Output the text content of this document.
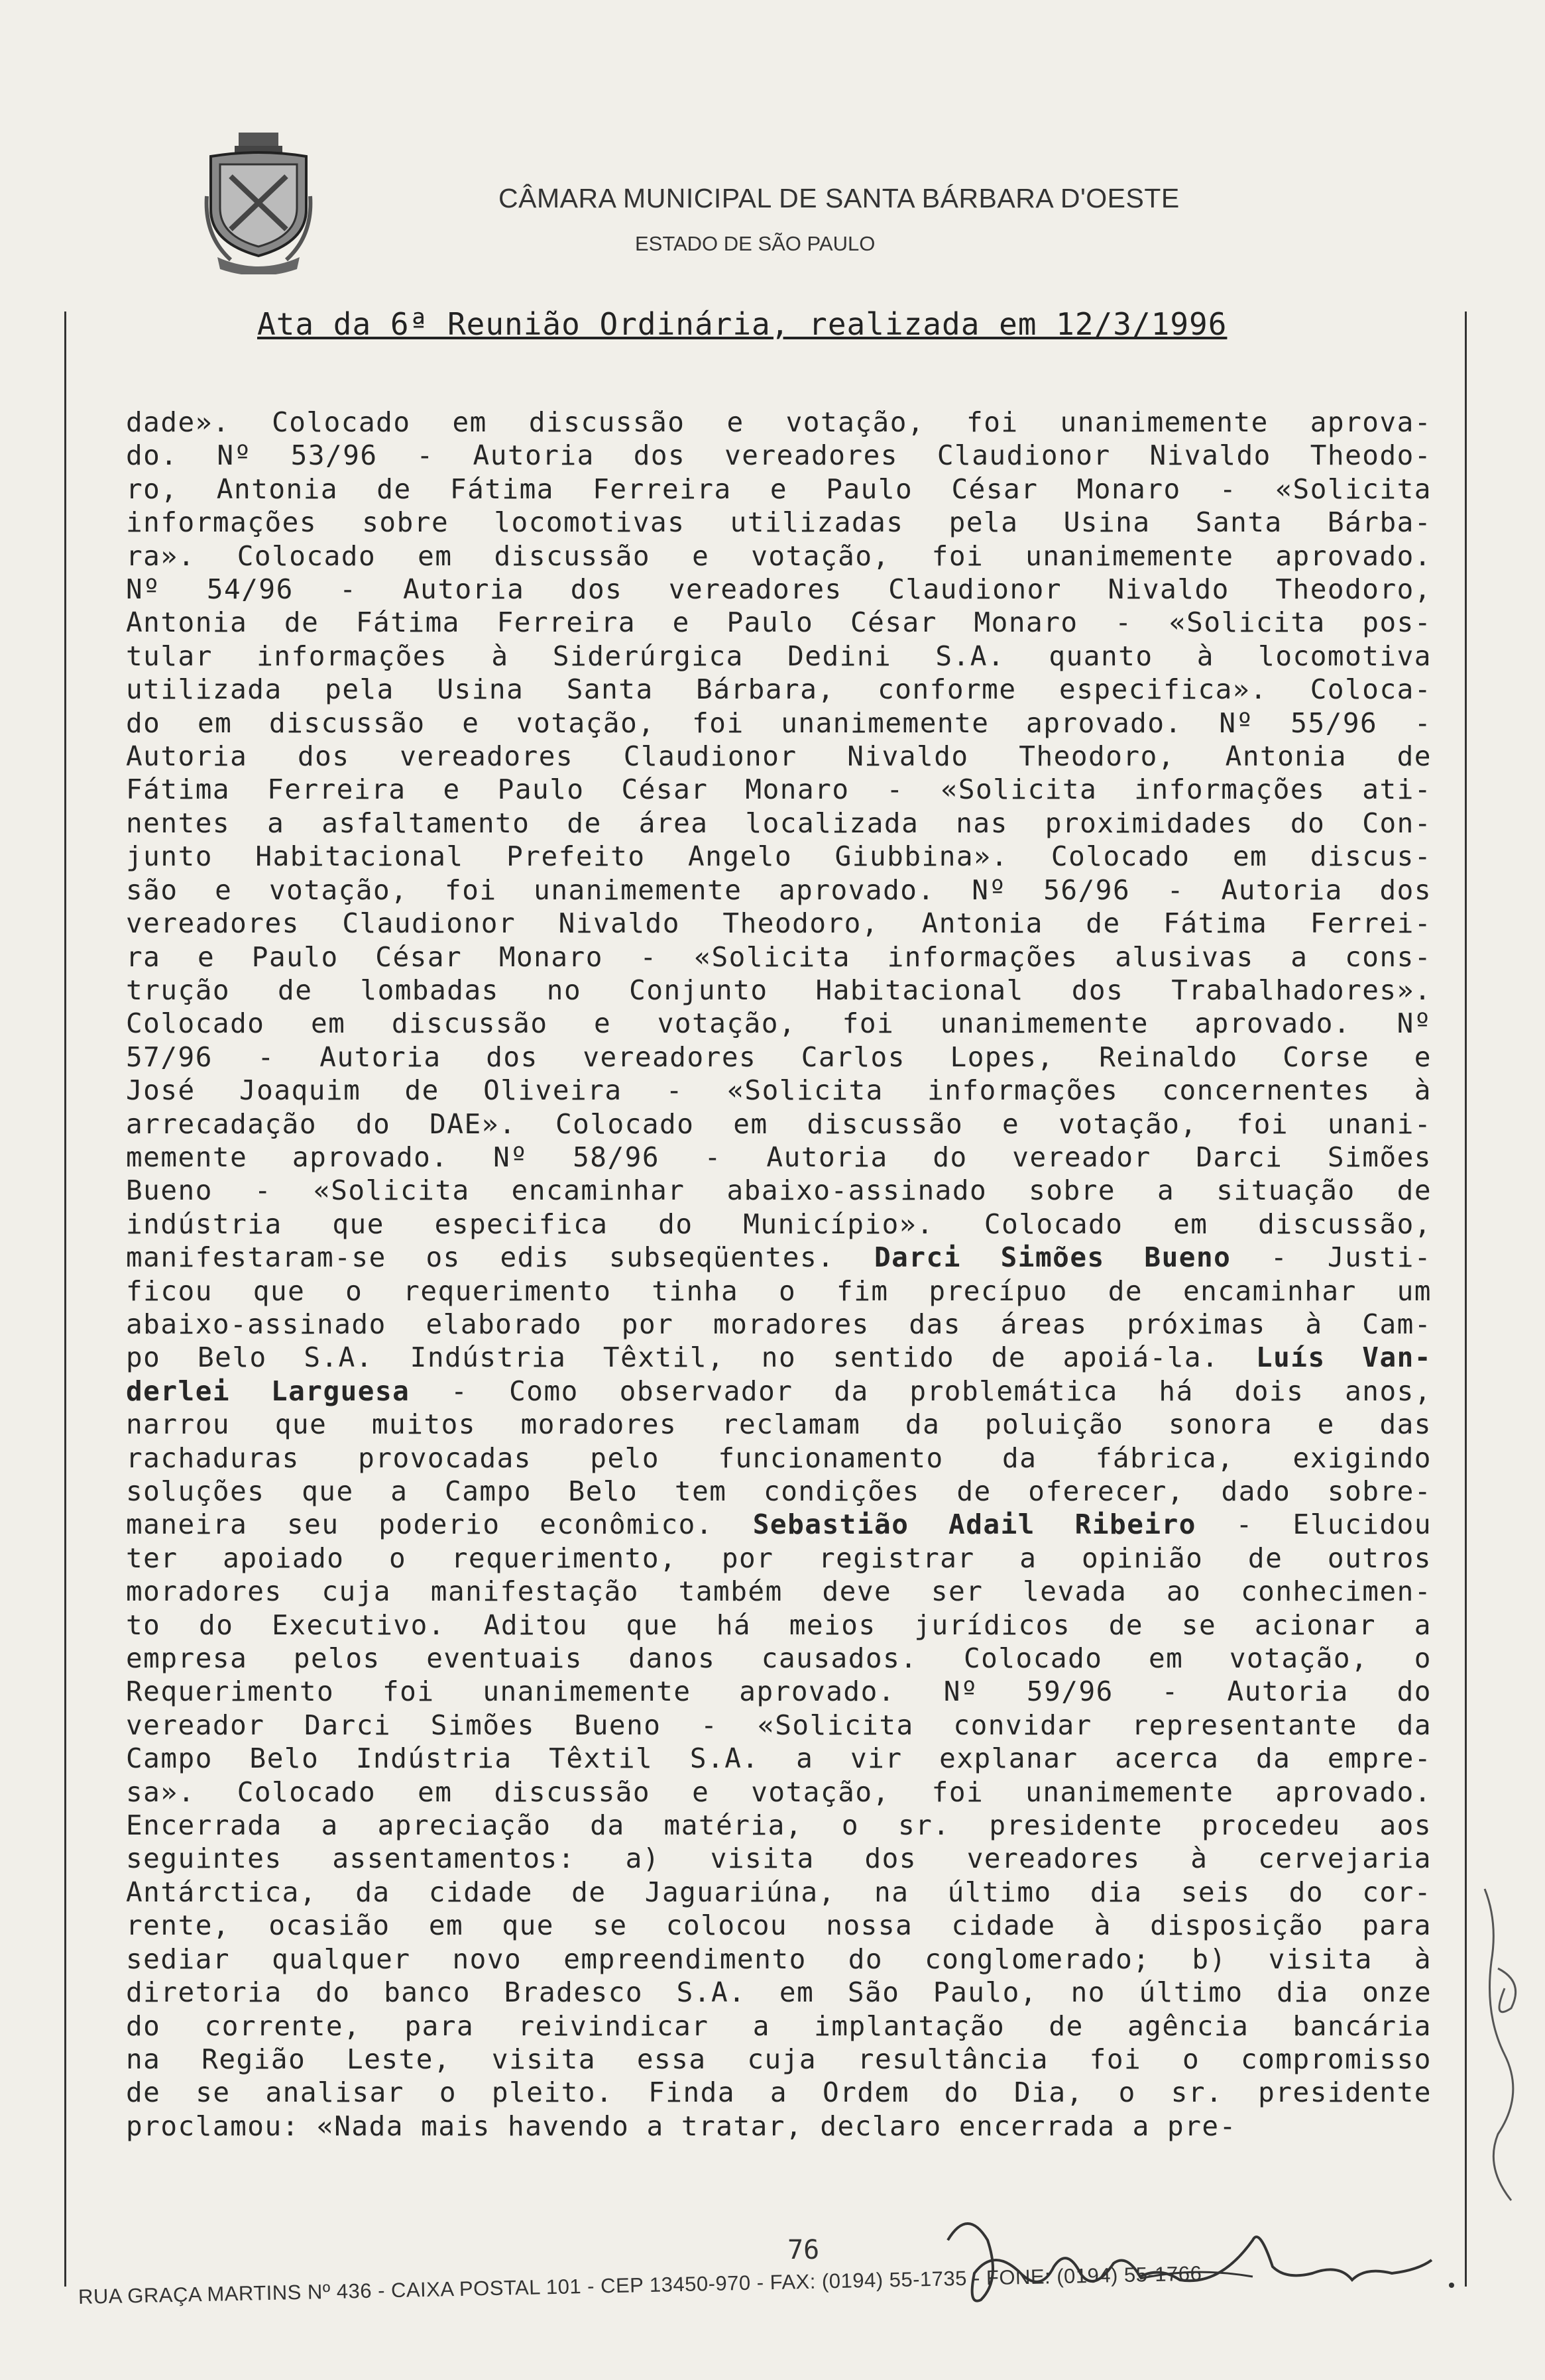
CÂMARA MUNICIPAL DE SANTA BÁRBARA D'OESTE
ESTADO DE SÃO PAULO
Ata da 6ª Reunião Ordinária, realizada em 12/3/1996
dade». Colocado em discussão e votação, foi unanimemente aprova-
do. Nº 53/96 - Autoria dos vereadores Claudionor Nivaldo Theodo-
ro, Antonia de Fátima Ferreira e Paulo César Monaro - «Solicita
informações sobre locomotivas utilizadas pela Usina Santa Bárba-
ra». Colocado em discussão e votação, foi unanimemente aprovado.
Nº 54/96 - Autoria dos vereadores Claudionor Nivaldo Theodoro,
Antonia de Fátima Ferreira e Paulo César Monaro - «Solicita pos-
tular informações à Siderúrgica Dedini S.A. quanto à locomotiva
utilizada pela Usina Santa Bárbara, conforme especifica». Coloca-
do em discussão e votação, foi unanimemente aprovado. Nº 55/96 -
Autoria dos vereadores Claudionor Nivaldo Theodoro, Antonia de
Fátima Ferreira e Paulo César Monaro - «Solicita informações ati-
nentes a asfaltamento de área localizada nas proximidades do Con-
junto Habitacional Prefeito Angelo Giubbina». Colocado em discus-
são e votação, foi unanimemente aprovado. Nº 56/96 - Autoria dos
vereadores Claudionor Nivaldo Theodoro, Antonia de Fátima Ferrei-
ra e Paulo César Monaro - «Solicita informações alusivas a cons-
trução de lombadas no Conjunto Habitacional dos Trabalhadores».
Colocado em discussão e votação, foi unanimemente aprovado. Nº
57/96 - Autoria dos vereadores Carlos Lopes, Reinaldo Corse e
José Joaquim de Oliveira - «Solicita informações concernentes à
arrecadação do DAE». Colocado em discussão e votação, foi unani-
memente aprovado. Nº 58/96 - Autoria do vereador Darci Simões
Bueno - «Solicita encaminhar abaixo-assinado sobre a situação de
indústria que especifica do Município». Colocado em discussão,
manifestaram-se os edis subseqüentes. Darci Simões Bueno - Justi-
ficou que o requerimento tinha o fim precípuo de encaminhar um
abaixo-assinado elaborado por moradores das áreas próximas à Cam-
po Belo S.A. Indústria Têxtil, no sentido de apoiá-la. Luís Van-
derlei Larguesa - Como observador da problemática há dois anos,
narrou que muitos moradores reclamam da poluição sonora e das
rachaduras provocadas pelo funcionamento da fábrica, exigindo
soluções que a Campo Belo tem condições de oferecer, dado sobre-
maneira seu poderio econômico. Sebastião Adail Ribeiro - Elucidou
ter apoiado o requerimento, por registrar a opinião de outros
moradores cuja manifestação também deve ser levada ao conhecimen-
to do Executivo. Aditou que há meios jurídicos de se acionar a
empresa pelos eventuais danos causados. Colocado em votação, o
Requerimento foi unanimemente aprovado. Nº 59/96 - Autoria do
vereador Darci Simões Bueno - «Solicita convidar representante da
Campo Belo Indústria Têxtil S.A. a vir explanar acerca da empre-
sa». Colocado em discussão e votação, foi unanimemente aprovado.
Encerrada a apreciação da matéria, o sr. presidente procedeu aos
seguintes assentamentos: a) visita dos vereadores à cervejaria
Antárctica, da cidade de Jaguariúna, na último dia seis do cor-
rente, ocasião em que se colocou nossa cidade à disposição para
sediar qualquer novo empreendimento do conglomerado; b) visita à
diretoria do banco Bradesco S.A. em São Paulo, no último dia onze
do corrente, para reivindicar a implantação de agência bancária
na Região Leste, visita essa cuja resultância foi o compromisso
de se analisar o pleito. Finda a Ordem do Dia, o sr. presidente
proclamou: «Nada mais havendo a tratar, declaro encerrada a pre-
76
RUA GRAÇA MARTINS Nº 436 - CAIXA POSTAL 101 - CEP 13450-970 - FAX: (0194) 55-1735 - FONE: (0194) 55-1766
